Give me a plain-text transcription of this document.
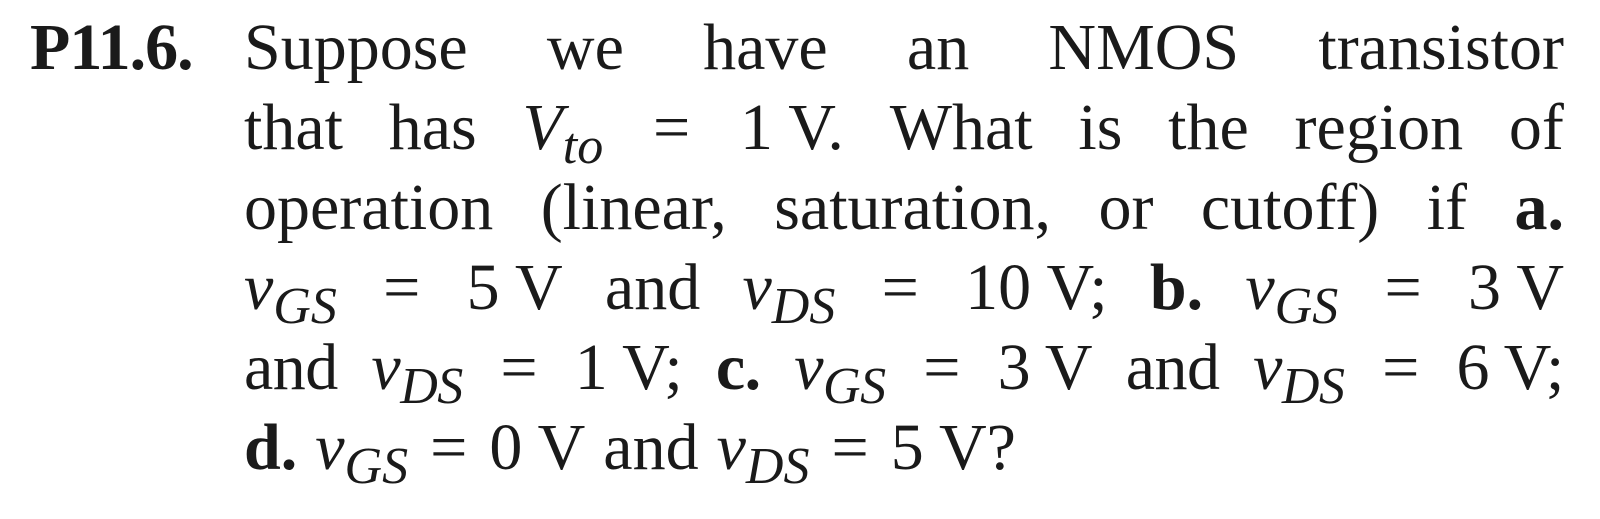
P11.6. Suppose we have an NMOS transistor
that has $V_{to} = 1$ V. What is the region of
operation (linear, saturation, or cutoff) if a.
$v_{GS} = 5$ V and $v_{DS} = 10$ V; b. $v_{GS} = 3$ V
and $v_{DS} = 1$ V; c. $v_{GS} = 3$ V and $v_{DS} = 6$ V;
d. $v_{GS} = 0$ V and $v_{DS} = 5$ V?
